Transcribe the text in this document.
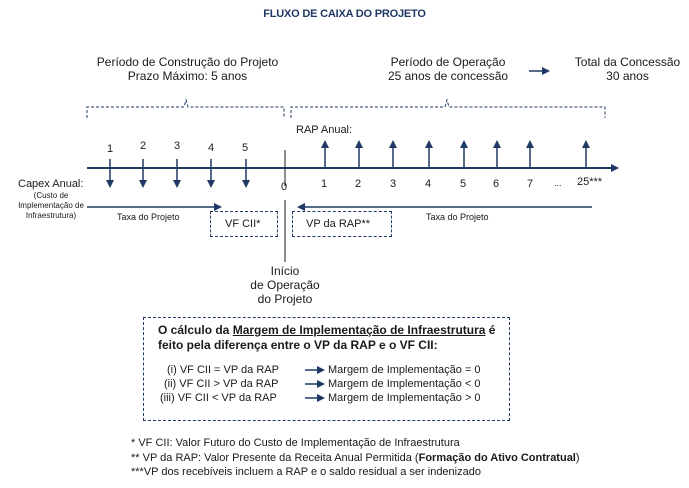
FLUXO DE CAIXA DO PROJETO
Período de Construção do Projeto
Prazo Máximo: 5 anos
Período de Operação
25 anos de concessão
Total da Concessão
30 anos
1 2	3	4	5
0
RAP Anual:
1	2	3	4	5 6	7 ... 25***
Capex Anual:
(Custo de
Implementação de
Infraestrutura)	Taxa do Projeto	Taxa do Projeto
VF CII*	VP da RAP**
Início
de Operação
do Projeto
O cálculo da Margem de Implementação de Infraestrutura é
feito pela diferença entre o VP da RAP e o VF CII:
(i) VF CII = VP da RAP	Margem de Implementação = 0
(ii) VF CII > VP da RAP	Margem de Implementação < 0
(iii) VF CII < VP da RAP	Margem de Implementação > 0
* VF CII: Valor Futuro do Custo de Implementação de Infraestrutura
** VP da RAP: Valor Presente da Receita Anual Permitida (Formação do Ativo Contratual)
***VP dos recebíveis incluem a RAP e o saldo residual a ser indenizado
